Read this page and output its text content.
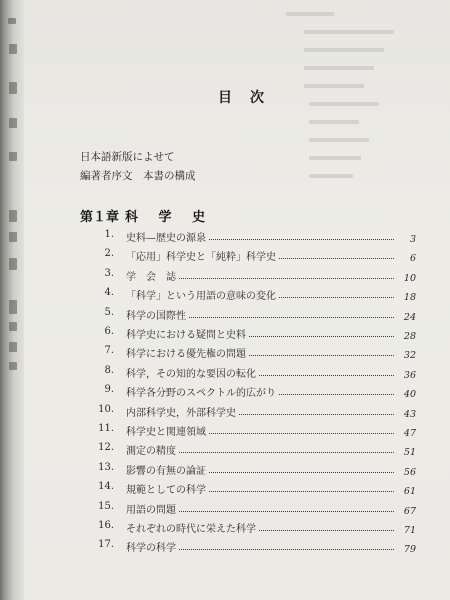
目　次
日本語新版によせて
編著者序文　本書の構成
第１章 科 学 史
1. 史料—歴史の源泉	3
2. 「応用」科学史と「純粋」科学史	6
3. 学　会　誌	10
4. 「科学」という用語の意味の変化	18
5. 科学の国際性	24
6. 科学史における疑問と史料	28
7. 科学における優先権の問題	32
8. 科学，その知的な要因の転化	36
9. 科学各分野のスペクトル的広がり	40
10. 内部科学史，外部科学史	43
11. 科学史と関連領域	47
12. 測定の精度	51
13. 影響の有無の論証	56
14. 規範としての科学	61
15. 用語の問題	67
16. それぞれの時代に栄えた科学	71
17. 科学の科学	79
